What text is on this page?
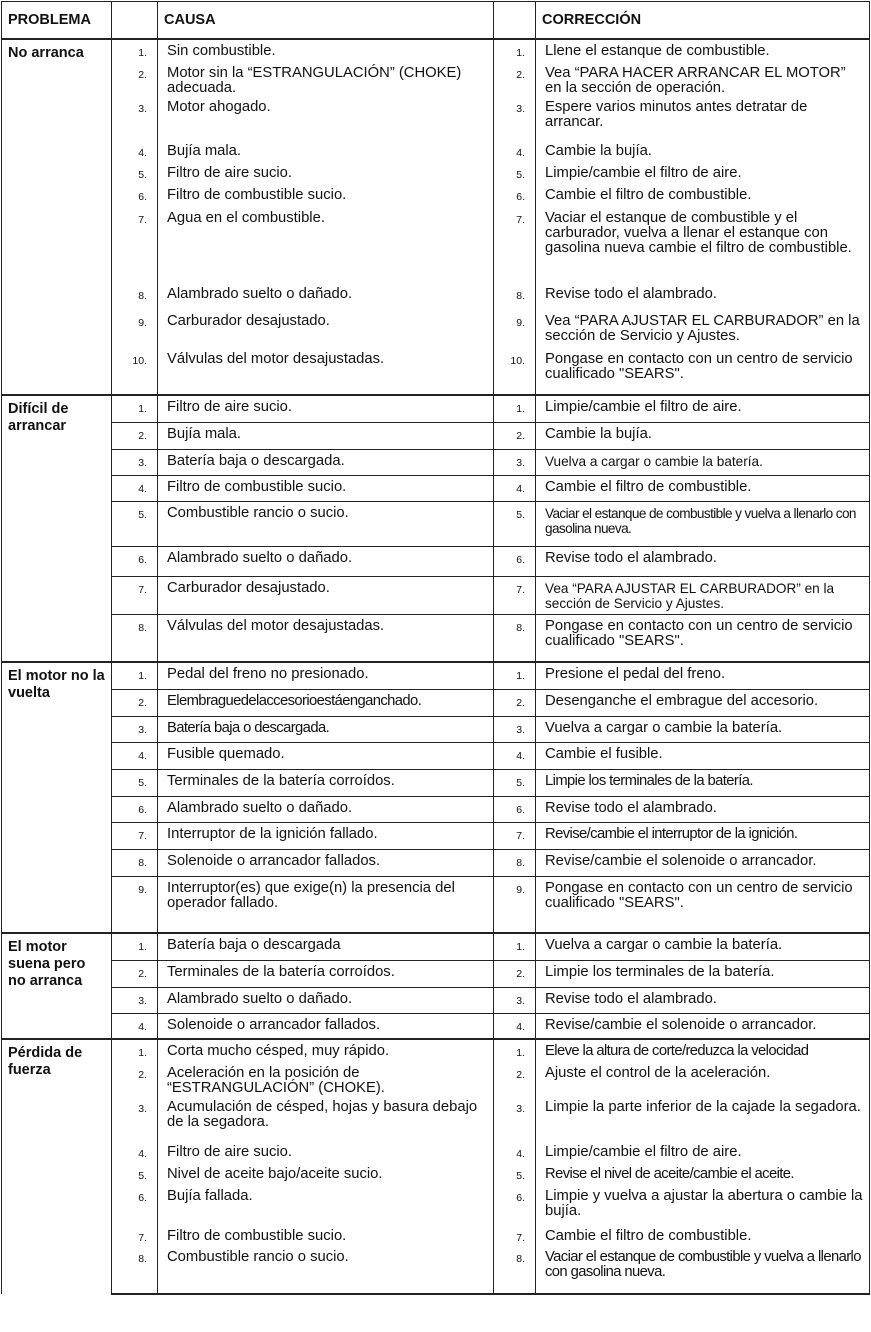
PROBLEMA		CAUSA		CORRECCIÓN
No arranca	1.	Sin combustible.	1.	Llene el estanque de combustible.
	2.	Motor sin la “ESTRANGULACIÓN” (CHOKE) adecuada.	2.	Vea “PARA HACER ARRANCAR EL MOTOR” en la sección de operación.
	3.	Motor ahogado.	3.	Espere varios minutos antes detratar de arrancar.
	4.	Bujía mala.	4.	Cambie la bujía.
	5.	Filtro de aire sucio.	5.	Limpie/cambie el filtro de aire.
	6.	Filtro de combustible sucio.	6.	Cambie el filtro de combustible.
	7.	Agua en el combustible.	7.	Vaciar el estanque de combustible y el carburador, vuelva a llenar el estanque con gasolina nueva cambie el filtro de combustible.
	8.	Alambrado suelto o dañado.	8.	Revise todo el alambrado.
	9.	Carburador desajustado.	9.	Vea “PARA AJUSTAR EL CARBURADOR” en la sección de Servicio y Ajustes.
	10.	Válvulas del motor desajustadas.	10.	Pongase en contacto con un centro de servicio cualificado "SEARS".
Difícil de arrancar	1.	Filtro de aire sucio.	1.	Limpie/cambie el filtro de aire.
	2.	Bujía mala.	2.	Cambie la bujía.
	3.	Batería baja o descargada.	3.	Vuelva a cargar o cambie la batería.
	4.	Filtro de combustible sucio.	4.	Cambie el filtro de combustible.
	5.	Combustible rancio o sucio.	5.	Vaciar el estanque de combustible y vuelva a llenarlo con gasolina nueva.
	6.	Alambrado suelto o dañado.	6.	Revise todo el alambrado.
	7.	Carburador desajustado.	7.	Vea “PARA AJUSTAR EL CARBURADOR” en la sección de Servicio y Ajustes.
	8.	Válvulas del motor desajustadas.	8.	Pongase en contacto con un centro de servicio cualificado "SEARS".
El motor no la vuelta	1.	Pedal del freno no presionado.	1.	Presione el pedal del freno.
	2.	Elembraguedelaccesorioestáenganchado.	2.	Desenganche el embrague del accesorio.
	3.	Batería baja o descargada.	3.	Vuelva a cargar o cambie la batería.
	4.	Fusible quemado.	4.	Cambie el fusible.
	5.	Terminales de la batería corroídos.	5.	Limpie los terminales de la batería.
	6.	Alambrado suelto o dañado.	6.	Revise todo el alambrado.
	7.	Interruptor de la ignición fallado.	7.	Revise/cambie el interruptor de la ignición.
	8.	Solenoide o arrancador fallados.	8.	Revise/cambie el solenoide o arrancador.
	9.	Interruptor(es) que exige(n) la presencia del operador fallado.	9.	Pongase en contacto con un centro de servicio cualificado "SEARS".
El motor suena pero no arranca	1.	Batería baja o descargada	1.	Vuelva a cargar o cambie la batería.
	2.	Terminales de la batería corroídos.	2.	Limpie los terminales de la batería.
	3.	Alambrado suelto o dañado.	3.	Revise todo el alambrado.
	4.	Solenoide o arrancador fallados.	4.	Revise/cambie el solenoide o arrancador.
Pérdida de fuerza	1.	Corta mucho césped, muy rápido.	1.	Eleve la altura de corte/reduzca la velocidad
	2.	Aceleración en la posición de “ESTRANGULACIÓN” (CHOKE).	2.	Ajuste el control de la aceleración.
	3.	Acumulación de césped, hojas y basura debajo de la segadora.	3.	Limpie la parte inferior de la cajade la segadora.
	4.	Filtro de aire sucio.	4.	Limpie/cambie el filtro de aire.
	5.	Nivel de aceite bajo/aceite sucio.	5.	Revise el nivel de aceite/cambie el aceite.
	6.	Bujía fallada.	6.	Limpie y vuelva a ajustar la abertura o cambie la bujía.
	7.	Filtro de combustible sucio.	7.	Cambie el filtro de combustible.
	8.	Combustible rancio o sucio.	8.	Vaciar el estanque de combustible y vuelva a llenarlo con gasolina nueva.
